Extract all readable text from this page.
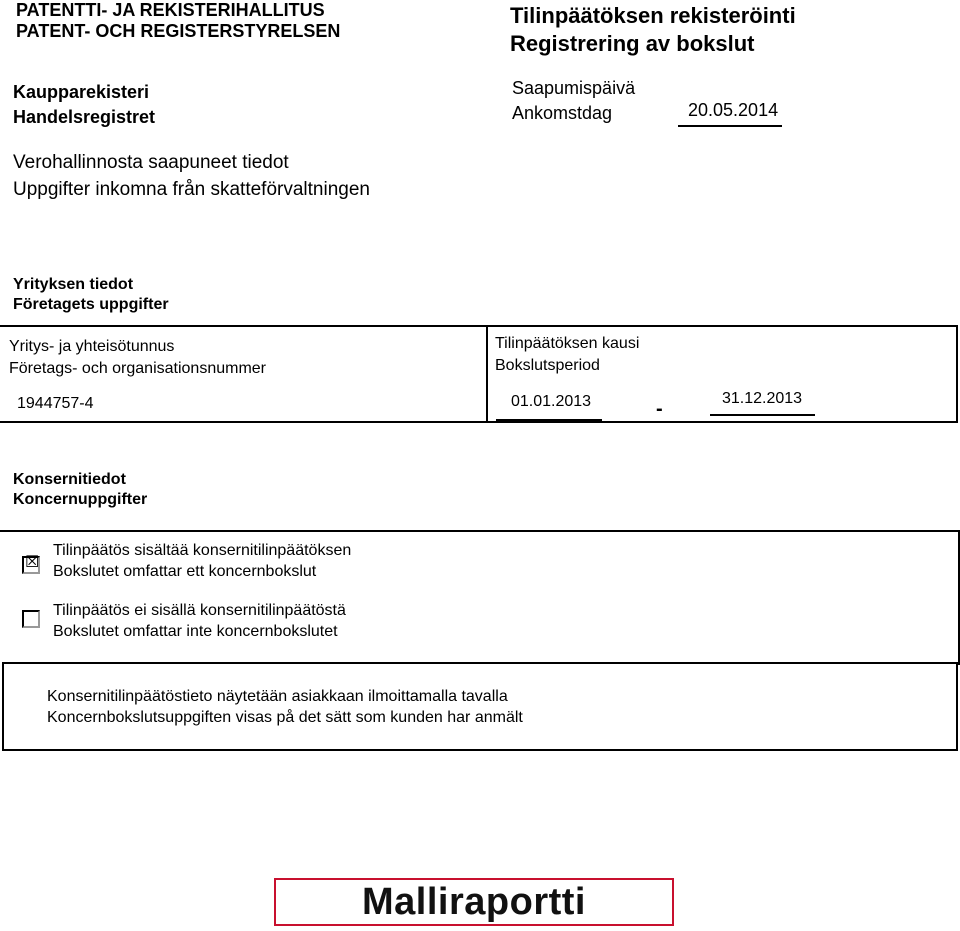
PATENTTI- JA REKISTERIHALLITUS
PATENT- OCH REGISTERSTYRELSEN
Tilinpäätöksen rekisteröinti
Registrering av bokslut
Kaupparekisteri
Handelsregistret
Saapumispäivä
Ankomstdag	20.05.2014
Verohallinnosta saapuneet tiedot
Uppgifter inkomna från skatteförvaltningen
Yrityksen tiedot
Företagets uppgifter
Yritys- ja yhteisötunnus
Företags- och organisationsnummer
1944757-4
Tilinpäätöksen kausi
Bokslutsperiod
01.01.2013	-	31.12.2013
Konsernitiedot
Koncernuppgifter
☒
Tilinpäätös sisältää konsernitilinpäätöksen
Bokslutet omfattar ett koncernbokslut
Tilinpäätös ei sisällä konsernitilinpäätöstä
Bokslutet omfattar inte koncernbokslutet
Konsernitilinpäätöstieto näytetään asiakkaan ilmoittamalla tavalla
Koncernbokslutsuppgiften visas på det sätt som kunden har anmält
Malliraportti
